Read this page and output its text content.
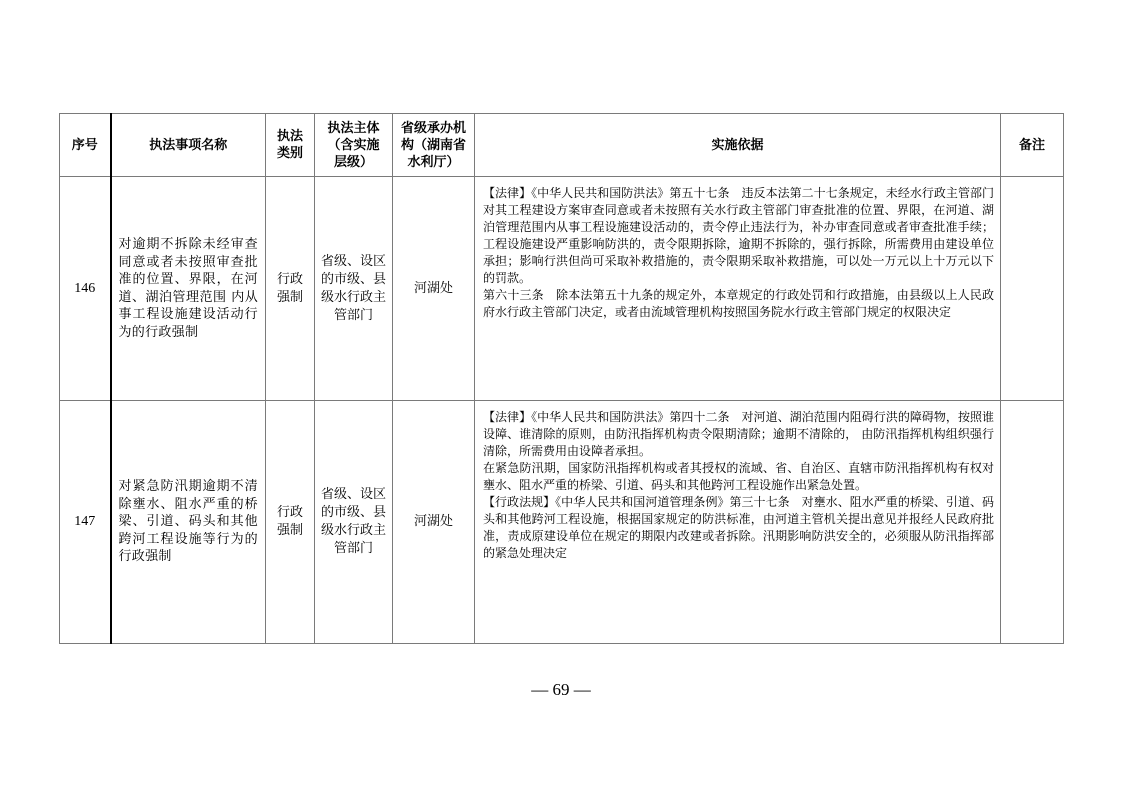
序号	执法事项名称	执法类别	执法主体（含实施层级）	省级承办机构（湖南省水利厅）	实施依据	备注
146	对逾期不拆除未经审查同意或者未按照审查批准的位置、界限，在河道、湖泊管理范围 内从事工程设施建设活动行为的行政强制	行政强制	省级、设区的市级、县级水行政主管部门	河湖处	【法律】《中华人民共和国防洪法》第五十七条　违反本法第二十七条规定，未经水行政主管部门对其工程建设方案审查同意或者未按照有关水行政主管部门审查批准的位置、界限，在河道、湖泊管理范围内从事工程设施建设活动的，责令停止违法行为，补办审查同意或者审查批准手续；工程设施建设严重影响防洪的，责令限期拆除，逾期不拆除的，强行拆除，所需费用由建设单位承担；影响行洪但尚可采取补救措施的，责令限期采取补救措施，可以处一万元以上十万元以下的罚款。

第六十三条　除本法第五十九条的规定外，本章规定的行政处罚和行政措施，由县级以上人民政府水行政主管部门决定，或者由流域管理机构按照国务院水行政主管部门规定的权限决定	

147	对紧急防汛期逾期不清除壅水、阻水严重的桥梁、引道、码头和其他跨河工程设施等行为的行政强制	行政强制	省级、设区的市级、县级水行政主管部门	河湖处	【法律】《中华人民共和国防洪法》第四十二条　对河道、湖泊范围内阻碍行洪的障碍物，按照谁设障、谁清除的原则，由防汛指挥机构责令限期清除；逾期不清除的， 由防汛指挥机构组织强行清除，所需费用由设障者承担。

在紧急防汛期，国家防汛指挥机构或者其授权的流域、省、自治区、直辖市防汛指挥机构有权对壅水、阻水严重的桥梁、引道、码头和其他跨河工程设施作出紧急处置。

【行政法规】《中华人民共和国河道管理条例》第三十七条　对壅水、阻水严重的桥梁、引道、码头和其他跨河工程设施，根据国家规定的防洪标准，由河道主管机关提出意见并报经人民政府批准，责成原建设单位在规定的期限内改建或者拆除。汛期影响防洪安全的，必须服从防汛指挥部的紧急处理决定	

— 69 —
